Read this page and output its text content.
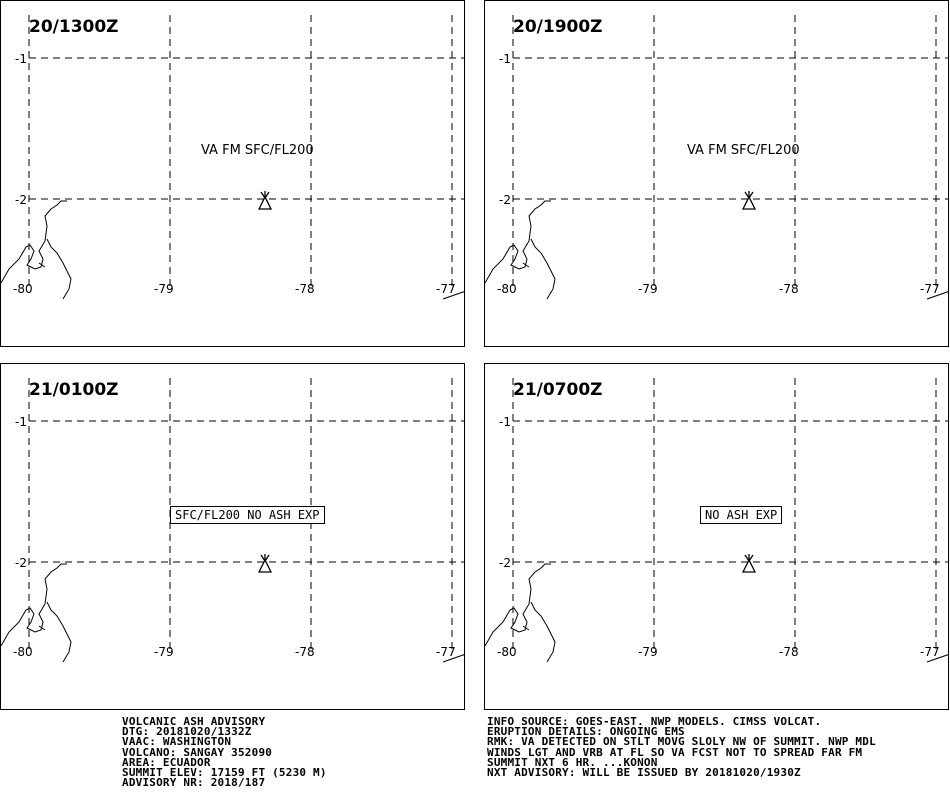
-1
-2
-80	-79	-78	-77
20/1300Z
VA FM SFC/FL200
-1
-2
-80	-79	-78	-77
20/1900Z
VA FM SFC/FL200
-1
-2
-80	-79	-78	-77
21/0100Z
SFC/FL200 NO ASH EXP
-1
-2
-80	-79	-78	-77
21/0700Z
NO ASH EXP
VOLCANIC ASH ADVISORY
DTG: 20181020/1332Z
VAAC: WASHINGTON
VOLCANO: SANGAY 352090
AREA: ECUADOR
SUMMIT ELEV: 17159 FT (5230 M)
ADVISORY NR: 2018/187
INFO SOURCE: GOES-EAST. NWP MODELS. CIMSS VOLCAT.
ERUPTION DETAILS: ONGOING EMS
RMK: VA DETECTED ON STLT MOVG SLOLY NW OF SUMMIT. NWP MDL
WINDS LGT AND VRB AT FL SO VA FCST NOT TO SPREAD FAR FM
SUMMIT NXT 6 HR. ...KONON
NXT ADVISORY: WILL BE ISSUED BY 20181020/1930Z
